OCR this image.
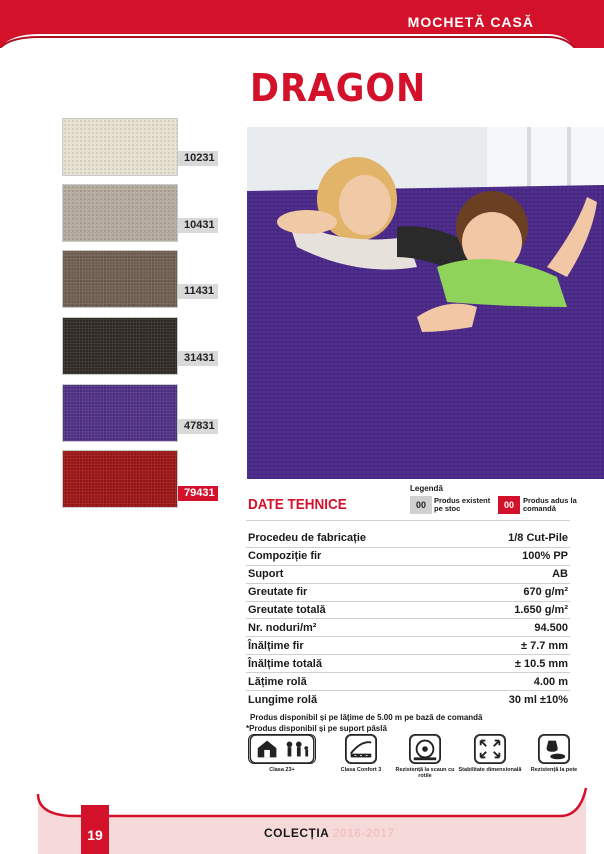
MOCHETĂ CASĂ
DRAGON
10231
10431
11431
31431
47831
79431
DATE TEHNICE
Legendă
00	Produs existent pe stoc	00	Produs adus la comandă
Procedeu de fabricație	1/8 Cut-Pile
Compoziție fir	100% PP
Suport	AB
Greutate fir	670 g/m²
Greutate totală	1.650 g/m²
Nr. noduri/m²	94.500
Înălțime fir	± 7.7 mm
Înălțime totală	± 10.5 mm
Lățime rolă	4.00 m
Lungime rolă	30 ml ±10%
Produs disponibil și pe lățime de 5.00 m pe bază de comandă
*Produs disponibil și pe suport pâslă
Clasa 23+	Clasa Confort 3	Rezistență la scaun cu rotile
Stabilitate dimensională	Rezistență la pete
19	COLECȚIA 2016-2017
